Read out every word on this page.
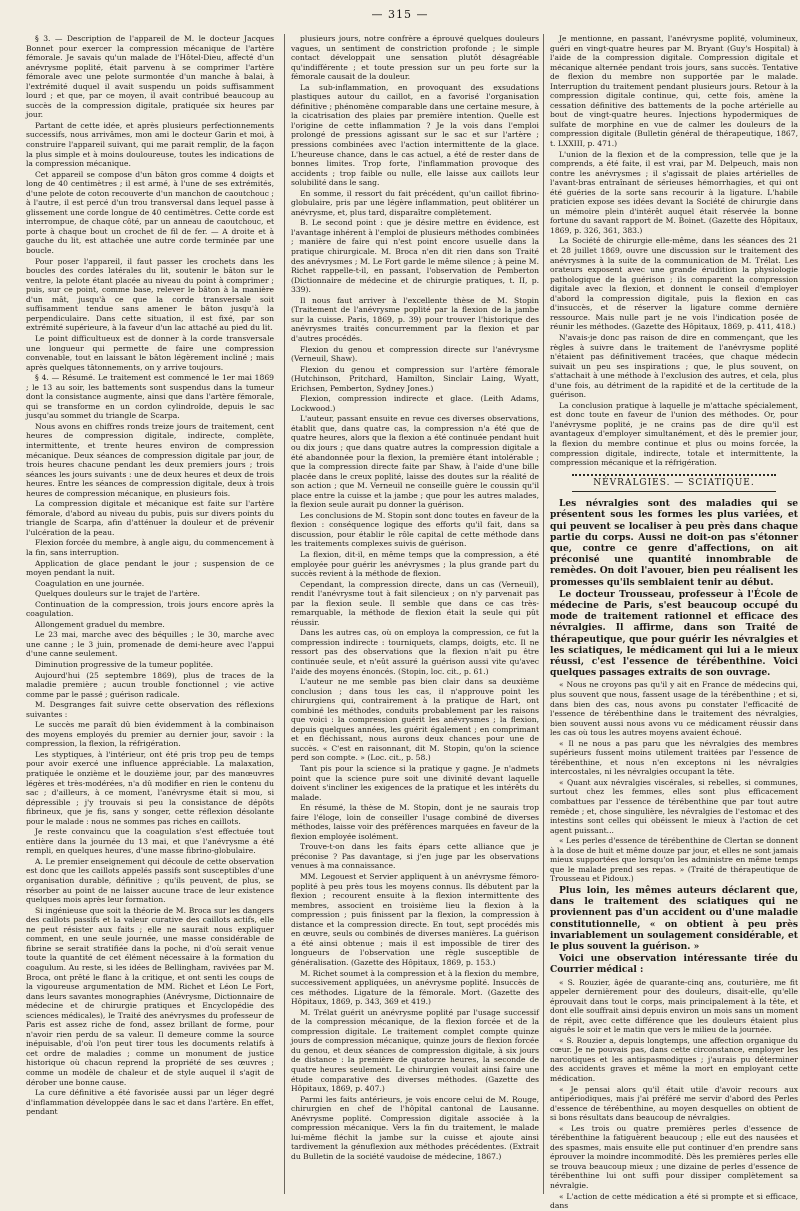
— 315 —

§ 3. — Description de l'appareil de M. le docteur Jacques Bonnet pour exercer la compression mécanique de l'artère fémorale. Je savais qu'un malade de l'Hôtel-Dieu, affecté d'un anévrysme poplité, était parvenu à se comprimer l'artère fémorale avec une pelote surmontée d'un manche à balai, à l'extrémité duquel il avait suspendu un poids suffisamment lourd ; et que, par ce moyen, il avait contribué beaucoup au succès de la compression digitale, pratiquée six heures par jour.

Partant de cette idée, et après plusieurs perfectionnements successifs, nous arrivâmes, mon ami le docteur Garin et moi, à construire l'appareil suivant, qui me parait remplir, de la façon la plus simple et à moins douloureuse, toutes les indications de la compression mécanique.

Cet appareil se compose d'un bâton gros comme 4 doigts et long de 40 centimètres ; il est armé, à l'une de ses extrémités, d'une pelote de coton recouverte d'un manchon de caoutchouc ; à l'autre, il est percé d'un trou transversal dans lequel passe à glissement une corde longue de 40 centimètres. Cette corde est interrompue, de chaque côté, par un anneau de caoutchouc, et porte à chaque bout un crochet de fil de fer. — A droite et à gauche du lit, est attachée une autre corde terminée par une boucle.

Pour poser l'appareil, il faut passer les crochets dans les boucles des cordes latérales du lit, soutenir le bâton sur le ventre, la pelote étant placée au niveau du point à comprimer ; puis, sur ce point, comme base, relever le bâton à la manière d'un mât, jusqu'à ce que la corde transversale soit suffisamment tendue sans amener le bâton jusqu'à la perpendiculaire. Dans cette situation, il est fixé, par son extrémité supérieure, à la faveur d'un lac attaché au pied du lit.

Le point difficultueux est de donner à la corde transversale une longueur qui permette de faire une compression convenable, tout en laissant le bâton légèrement incliné ; mais après quelques tâtonnements, on y arrive toujours.

§ 4. — Résumé. Le traitement est commencé le 1er mai 1869 ; le 13 au soir, les battements sont suspendus dans la tumeur dont la consistance augmente, ainsi que dans l'artère fémorale, qui se transforme en un cordon cylindroïde, depuis le sac jusqu'au sommet du triangle de Scarpa.

Nous avons en chiffres ronds treize jours de traitement, cent heures de compression digitale, indirecte, complète, intermittente, et trente heures environ de compression mécanique. Deux séances de compression digitale par jour, de trois heures chacune pendant les deux premiers jours ; trois séances les jours suivants : une de deux heures et deux de trois heures. Entre les séances de compression digitale, deux à trois heures de compression mécanique, en plusieurs fois.

La compression digitale et mécanique est faite sur l'artère fémorale, d'abord au niveau du pubis, puis sur divers points du triangle de Scarpa, afin d'atténuer la douleur et de prévenir l'ulcération de la peau.

Flexion forcée du membre, à angle aigu, du commencement à la fin, sans interruption.

Application de glace pendant le jour ; suspension de ce moyen pendant la nuit.

Coagulation en une journée.

Quelques douleurs sur le trajet de l'artère.

Continuation de la compression, trois jours encore après la coagulation.

Allongement graduel du membre.

Le 23 mai, marche avec des béquilles ; le 30, marche avec une canne ; le 3 juin, promenade de demi-heure avec l'appui d'une canne seulement.

Diminution progressive de la tumeur poplitée.

Aujourd'hui (25 septembre 1869), plus de traces de la maladie première ; aucun trouble fonctionnel ; vie active comme par le passé ; guérison radicale.

M. Desgranges fait suivre cette observation des réflexions suivantes :

Le succès me paraît dû bien évidemment à la combinaison des moyens employés du premier au dernier jour, savoir : la compression, la flexion, la réfrigération.

Les styptiques, à l'intérieur, ont été pris trop peu de temps pour avoir exercé une influence appréciable. La malaxation, pratiquée le onzième et le douzième jour, par des manœuvres légères et très-modérées, n'a dû modifier en rien le contenu du sac ; d'ailleurs, à ce moment, l'anévrysme était si mou, si dépressible ; j'y trouvais si peu la consistance de dépôts fibrineux, que je fis, sans y songer, cette réflexion désolante pour le malade : nous ne sommes pas riches en caillots.

Je reste convaincu que la coagulation s'est effectuée tout entière dans la journée du 13 mai, et que l'anévrysme a été rempli, en quelques heures, d'une masse fibrino-globulaire.

A. Le premier enseignement qui découle de cette observation est donc que les caillots appelés passifs sont susceptibles d'une organisation durable, définitive ; qu'ils peuvent, de plus, se résorber au point de ne laisser aucune trace de leur existence quelques mois après leur formation.

Si ingénieuse que soit la théorie de M. Broca sur les dangers des caillots passifs et la valeur curative des caillots actifs, elle ne peut résister aux faits ; elle ne saurait nous expliquer comment, en une seule journée, une masse considérable de fibrine se serait stratifiée dans la poche, ni d'où serait venue toute la quantité de cet élément nécessaire à la formation du coagulum. Au reste, si les idées de Bellingham, ravivées par M. Broca, ont prêté le flanc à la critique, et ont senti les coups de la vigoureuse argumentation de MM. Richet et Léon Le Fort, dans leurs savantes monographies (Anévrysme, Dictionnaire de médecine et de chirurgie pratiques et Encyclopédie des sciences médicales), le Traité des anévrysmes du professeur de Paris est assez riche de fond, assez brillant de forme, pour n'avoir rien perdu de sa valeur. Il demeure comme la source inépuisable, d'où l'on peut tirer tous les documents relatifs à cet ordre de maladies ; comme un monument de justice historique où chacun reprend la propriété de ses œuvres ; comme un modèle de chaleur et de style auquel il s'agit de dérober une bonne cause.

La cure définitive a été favorisée aussi par un léger degré d'inflammation développée dans le sac et dans l'artère. En effet, pendant

plusieurs jours, notre confrère a éprouvé quelques douleurs vagues, un sentiment de constriction profonde ; le simple contact développait une sensation plutôt désagréable qu'indifférente ; et toute pression sur un peu forte sur la fémorale causait de la douleur.

La sub-inflammation, en provoquant des exsudations plastiques autour du caillot, en a favorisé l'organisation définitive ; phénomène comparable dans une certaine mesure, à la cicatrisation des plaies par première intention. Quelle est l'origine de cette inflammation ? Je la vois dans l'emploi prolongé de pressions agissant sur le sac et sur l'artère ; pressions combinées avec l'action intermittente de la glace. L'heureuse chance, dans le cas actuel, a été de rester dans de bonnes limites. Trop forte, l'inflammation provoque des accidents ; trop faible ou nulle, elle laisse aux caillots leur solubilité dans le sang.

En somme, il ressort du fait précédent, qu'un caillot fibrino-globulaire, pris par une légère inflammation, peut oblitérer un anévrysme, et, plus tard, disparaître complètement.

B. Le second point : que je désire mettre en évidence, est l'avantage inhérent à l'emploi de plusieurs méthodes combinées ; manière de faire qui n'est point encore usuelle dans la pratique chirurgicale. M. Broca n'en dit rien dans son Traité des anévrysmes ; M. Le Fort garde le même silence ; à peine M. Richet rappelle-t-il, en passant, l'observation de Pemberton (Dictionnaire de médecine et de chirurgie pratiques, t. II, p. 339).

Il nous faut arriver à l'excellente thèse de M. Stopin (Traitement de l'anévrysme poplité par la flexion de la jambe sur la cuisse. Paris, 1869, p. 39) pour trouver l'historique des anévrysmes traités concurremment par la flexion et par d'autres procédés.

Flexion du genou et compression directe sur l'anévrysme (Verneuil, Shaw).

Flexion du genou et compression sur l'artère fémorale (Hutchinson, Pritchard, Hamilton, Sinclair Laing, Wyatt, Erichsen, Pemberton, Sydney Jones.)

Flexion, compression indirecte et glace. (Leith Adams, Lockwood.)

L'auteur, passant ensuite en revue ces diverses observations, établit que, dans quatre cas, la compression n'a été que de quatre heures, alors que la flexion a été continuée pendant huit ou dix jours ; que dans quatre autres la compression digitale a été abandonnée pour la flexion, la première étant intolérable ; que la compression directe faite par Shaw, à l'aide d'une bille placée dans le creux poplité, laisse des doutes sur la réalité de son action ; que M. Verneuil ne conseille guère le coussin qu'il place entre la cuisse et la jambe ; que pour les autres malades, la flexion seule aurait pu donner la guérison.

Les conclusions de M. Stopin sont donc toutes en faveur de la flexion : conséquence logique des efforts qu'il fait, dans sa discussion, pour établir le rôle capital de cette méthode dans les traitements complexes suivis de guérison.

La flexion, dit-il, en même temps que la compression, a été employée pour guérir les anévrysmes ; la plus grande part du succès revient à la méthode de flexion.

Cependant, la compression directe, dans un cas (Verneuil), rendit l'anévrysme tout à fait silencieux ; on n'y parvenait pas par la flexion seule. Il semble que dans ce cas très-remarquable, la méthode de flexion était la seule qui pût réussir.

Dans les autres cas, où on employa la compression, ce fut la compression indirecte : tourniquets, clamps, doigts, etc. Il ne ressort pas des observations que la flexion n'ait pu être continuée seule, et n'eût assuré la guérison aussi vite qu'avec l'aide des moyens énoncés. (Stopin, loc. cit., p. 61.)

L'auteur ne me semble pas bien clair dans sa deuxième conclusion ; dans tous les cas, il n'approuve point les chirurgiens qui, contrairement à la pratique de Hart, ont combiné les méthodes, conduits probablement par les raisons que voici : la compression guérit les anévrysmes ; la flexion, depuis quelques années, les guérit également ; en comprimant et en fléchissant, nous aurons deux chances pour une de succès. « C'est en raisonnant, dit M. Stopin, qu'on la science perd son compte. » (Loc. cit., p. 58.)

Tant pis pour la science si la pratique y gagne. Je n'admets point que la science pure soit une divinité devant laquelle doivent s'incliner les exigences de la pratique et les intérêts du malade.

En résumé, la thèse de M. Stopin, dont je ne saurais trop faire l'éloge, loin de conseiller l'usage combiné de diverses méthodes, laisse voir des préférences marquées en faveur de la flexion employée isolément.

Trouve-t-on dans les faits épars cette alliance que je préconise ? Pas davantage, si j'en juge par les observations venues à ma connaissance.

MM. Legouest et Servier appliquent à un anévrysme fémoro-poplité à peu près tous les moyens connus. Ils débutent par la flexion ; recourent ensuite à la flexion intermittente des membres, associent en troisième lieu la flexion à la compression ; puis finissent par la flexion, la compression à distance et la compression directe. En tout, sept procédés mis en œuvre, seuls ou combinés de diverses manières. La guérison a été ainsi obtenue ; mais il est impossible de tirer des longueurs de l'observation une règle susceptible de généralisation. (Gazette des Hôpitaux, 1869, p. 153.)

M. Richet soumet à la compression et à la flexion du membre, successivement appliquées, un anévrysme poplité. Insuccès de ces méthodes. Ligature de la fémorale. Mort. (Gazette des Hôpitaux, 1869, p. 343, 369 et 419.)

M. Trélat guérit un anévrysme poplité par l'usage successif de la compression mécanique, de la flexion forcée et de la compression digitale. Le traitement complet compte quinze jours de compression mécanique, quinze jours de flexion forcée du genou, et deux séances de compression digitale, à six jours de distance : la première de quatorze heures, la seconde de quatre heures seulement. Le chirurgien voulait ainsi faire une étude comparative des diverses méthodes. (Gazette des Hôpitaux, 1869, p. 407.)

Parmi les faits antérieurs, je vois encore celui de M. Rouge, chirurgien en chef de l'hôpital cantonal de Lausanne. Anévrysme poplité. Compression digitale associée à la compression mécanique. Vers la fin du traitement, le malade lui-même fléchit la jambe sur la cuisse et ajoute ainsi tardivement la génuflexion aux méthodes précédentes. (Extrait du Bulletin de la société vaudoise de médecine, 1867.)

Je mentionne, en passant, l'anévrysme poplité, volumineux, guéri en vingt-quatre heures par M. Bryant (Guy's Hospital) à l'aide de la compression digitale. Compression digitale et mécanique alternée pendant trois jours, sans succès. Tentative de flexion du membre non supportée par le malade. Interruption du traitement pendant plusieurs jours. Retour à la compression digitale continue, qui, cette fois, amène la cessation définitive des battements de la poche artérielle au bout de vingt-quatre heures. Injections hypodermiques de sulfate de morphine en vue de calmer les douleurs de la compression digitale (Bulletin général de thérapeutique, 1867, t. LXXIII, p. 471.)

L'union de la flexion et de la compression, telle que je la comprends, a été faite, il est vrai, par M. Delpeuch, mais non contre les anévrysmes ; il s'agissait de plaies artérielles de l'avant-bras entraînant de sérieuses hémorrhagies, et qui ont été guéries de la sorte sans recourir à la ligature. L'habile praticien expose ses idées devant la Société de chirurgie dans un mémoire plein d'intérêt auquel était réservée la bonne fortune du savant rapport de M. Boinet. (Gazette des Hôpitaux, 1869, p. 326, 361, 383.)

La Société de chirurgie elle-même, dans les séances des 21 et 28 juillet 1869, ouvre une discussion sur le traitement des anévrysmes à la suite de la communication de M. Trélat. Les orateurs exposent avec une grande érudition la physiologie pathologique de la guérison ; ils comparent la compression digitale avec la flexion, et donnent le conseil d'employer d'abord la compression digitale, puis la flexion en cas d'insuccès, et de réserver la ligature comme dernière ressource. Mais nulle part je ne vois l'indication posée de réunir les méthodes. (Gazette des Hôpitaux, 1869, p. 411, 418.)

N'avais-je donc pas raison de dire en commençant, que les règles à suivre dans le traitement de l'anévrysme poplité n'étaient pas définitivement tracées, que chaque médecin suivait un peu ses inspirations ; que, le plus souvent, on s'attachait à une méthode à l'exclusion des autres, et cela, plus d'une fois, au détriment de la rapidité et de la certitude de la guérison.

La conclusion pratique à laquelle je m'attache spécialement, est donc toute en faveur de l'union des méthodes. Or, pour l'anévrysme poplité, je ne crains pas de dire qu'il est avantageux d'employer simultanément, et dès le premier jour, la flexion du membre continue et plus ou moins forcée, la compression digitale, indirecte, totale et intermittente, la compression mécanique et la réfrigération.

NÉVRALGIES. — SCIATIQUE.

Les névralgies sont des maladies qui se présentent sous les formes les plus variées, et qui peuvent se localiser à peu près dans chaque partie du corps. Aussi ne doit-on pas s'étonner que, contre ce genre d'affections, on ait préconisé une quantité innombrable de remèdes. On doit l'avouer, bien peu réalisent les promesses qu'ils semblaient tenir au début.

Le docteur Trousseau, professeur à l'École de médecine de Paris, s'est beaucoup occupé du mode de traitement rationnel et efficace des névralgies. Il affirme, dans son Traité de thérapeutique, que pour guérir les névralgies et les sciatiques, le médicament qui lui a le mieux réussi, c'est l'essence de térébenthine. Voici quelques passages extraits de son ouvrage.

« Nous ne croyons pas qu'il y ait en France de médecins qui, plus souvent que nous, fassent usage de la térébenthine ; et si, dans bien des cas, nous avons pu constater l'efficacité de l'essence de térébenthine dans le traitement des névralgies, bien souvent aussi nous avons vu ce médicament réussir dans les cas où tous les autres moyens avaient échoué.

« Il ne nous a pas paru que les névralgies des membres supérieurs fussent moins utilement traitées par l'essence de térébenthine, et nous n'en exceptons ni les névralgies intercostales, ni les névralgies occupant la tête.

« Quant aux névralgies viscérales, si rebelles, si communes, surtout chez les femmes, elles sont plus efficacement combattues par l'essence de térébenthine que par tout autre remède ; et, chose singulière, les névralgies de l'estomac et des intestins sont celles qui obéissent le mieux à l'action de cet agent puissant...

« Les perles d'essence de térébenthine de Clertan se donnent à la dose de huit et même douze par jour, et elles ne sont jamais mieux supportées que lorsqu'on les administre en même temps que le malade prend ses repas. » (Traité de thérapeutique de Trousseau et Pidoux.)

Plus loin, les mêmes auteurs déclarent que, dans le traitement des sciatiques qui ne proviennent pas d'un accident ou d'une maladie constitutionnelle, « on obtient à peu près invariablement un soulagement considérable, et le plus souvent la guérison. »

Voici une observation intéressante tirée du Courrier médical :

« S. Rouzier, âgée de quarante-cinq ans, couturière, me fit appeler dernièrement pour des douleurs, disait-elle, qu'elle éprouvait dans tout le corps, mais principalement à la tête, et dont elle souffrait ainsi depuis environ un mois sans un moment de répit, avec cette différence que les douleurs étaient plus aiguës le soir et le matin que vers le milieu de la journée.

« S. Rouzier a, depuis longtemps, une affection organique du cœur. Je ne pouvais pas, dans cette circonstance, employer les narcotiques et les antispasmodiques ; j'aurais pu déterminer des accidents graves et même la mort en employant cette médication.

« Je pensai alors qu'il était utile d'avoir recours aux antipériodiques, mais j'ai préféré me servir d'abord des Perles d'essence de térébenthine, au moyen desquelles on obtient de si bons résultats dans beaucoup de névralgies.

« Les trois ou quatre premières perles d'essence de térébenthine la fatiguèrent beaucoup ; elle eut des nausées et des spasmes, mais ensuite elle put continuer d'en prendre sans éprouver la moindre incommodité. Dès les premières perles elle se trouva beaucoup mieux ; une dizaine de perles d'essence de térébenthine lui ont suffi pour dissiper complètement sa névralgie.

« L'action de cette médication a été si prompte et si efficace, dans
